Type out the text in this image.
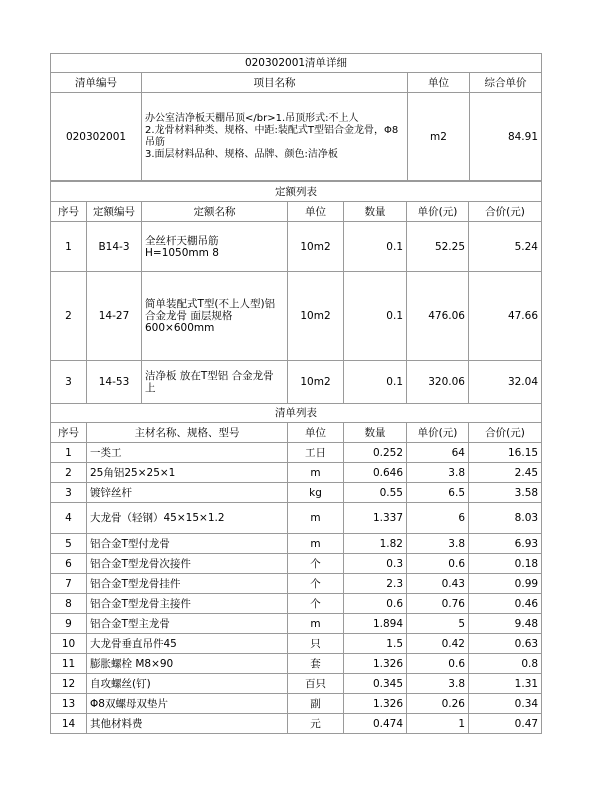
020302001清单详细			
清单编号	项目名称	单位	综合单价
020302001	办公室洁净板天棚吊顶</br>1.吊顶形式:不上人
2.龙骨材料种类、规格、中距:装配式T型铝合金龙骨，Φ8吊筋
3.面层材料品种、规格、品牌、颜色:洁净板	m2	84.91
定额列表						
序号	定额编号	定额名称	单位	数量	单价(元)	合价(元)
1	B14-3	全丝杆天棚吊筋
H=1050mm 8	10m2	0.1	52.25	5.24
2	14-27	简单装配式T型(不上人型)铝合金龙骨 面层规格600×600mm	10m2	0.1	476.06	47.66
3	14-53	洁净板 放在T型铝 合金龙骨上	10m2	0.1	320.06	32.04
清单列表					
序号	主材名称、规格、型号	单位	数量	单价(元)	合价(元)
1	一类工	工日	0.252	64	16.15
2	25角铝25×25×1	m	0.646	3.8	2.45
3	镀锌丝杆	kg	0.55	6.5	3.58
4	大龙骨（轻钢）45×15×1.2	m	1.337	6	8.03
5	铝合金T型付龙骨	m	1.82	3.8	6.93
6	铝合金T型龙骨次接件	个	0.3	0.6	0.18
7	铝合金T型龙骨挂件	个	2.3	0.43	0.99
8	铝合金T型龙骨主接件	个	0.6	0.76	0.46
9	铝合金T型主龙骨	m	1.894	5	9.48
10	大龙骨垂直吊件45	只	1.5	0.42	0.63
11	膨胀螺栓 M8×90	套	1.326	0.6	0.8
12	自攻螺丝(钉)	百只	0.345	3.8	1.31
13	Φ8双螺母双垫片	副	1.326	0.26	0.34
14	其他材料费	元	0.474	1	0.47
